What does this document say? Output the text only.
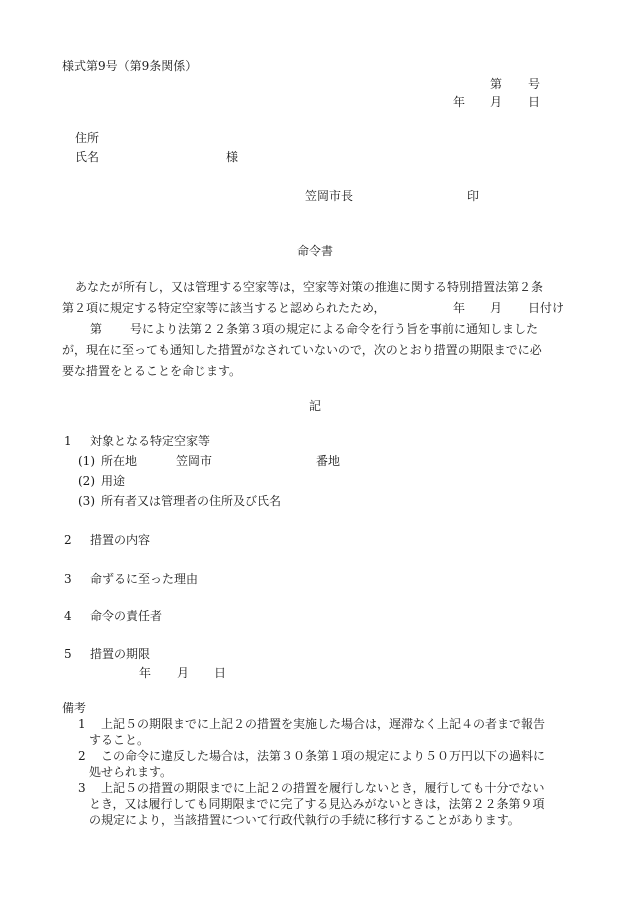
様式第9号（第9条関係）
第 号
年 月 日
住所
氏名	様
笠岡市長	印
命令書
あなたが所有し，又は管理する空家等は，空家等対策の推進に関する特別措置法第２条
第２項に規定する特定空家等に該当すると認められたため，	年 月 日付け
第 号により法第２２条第３項の規定による命令を行う旨を事前に通知しました
が，現在に至っても通知した措置がなされていないので，次のとおり措置の期限までに必
要な措置をとることを命じます。
記
1 対象となる特定空家等
(1) 所在地	笠岡市	番地
(2) 用途
(3) 所有者又は管理者の住所及び氏名
2 措置の内容
3 命ずるに至った理由
4 命令の責任者
5 措置の期限
年 月 日
備考
1 上記５の期限までに上記２の措置を実施した場合は，遅滞なく上記４の者まで報告
すること。
2 この命令に違反した場合は，法第３０条第１項の規定により５０万円以下の過料に
処せられます。
3 上記５の措置の期限までに上記２の措置を履行しないとき，履行しても十分でない
とき，又は履行しても同期限までに完了する見込みがないときは，法第２２条第９項
の規定により，当該措置について行政代執行の手続に移行することがあります。
